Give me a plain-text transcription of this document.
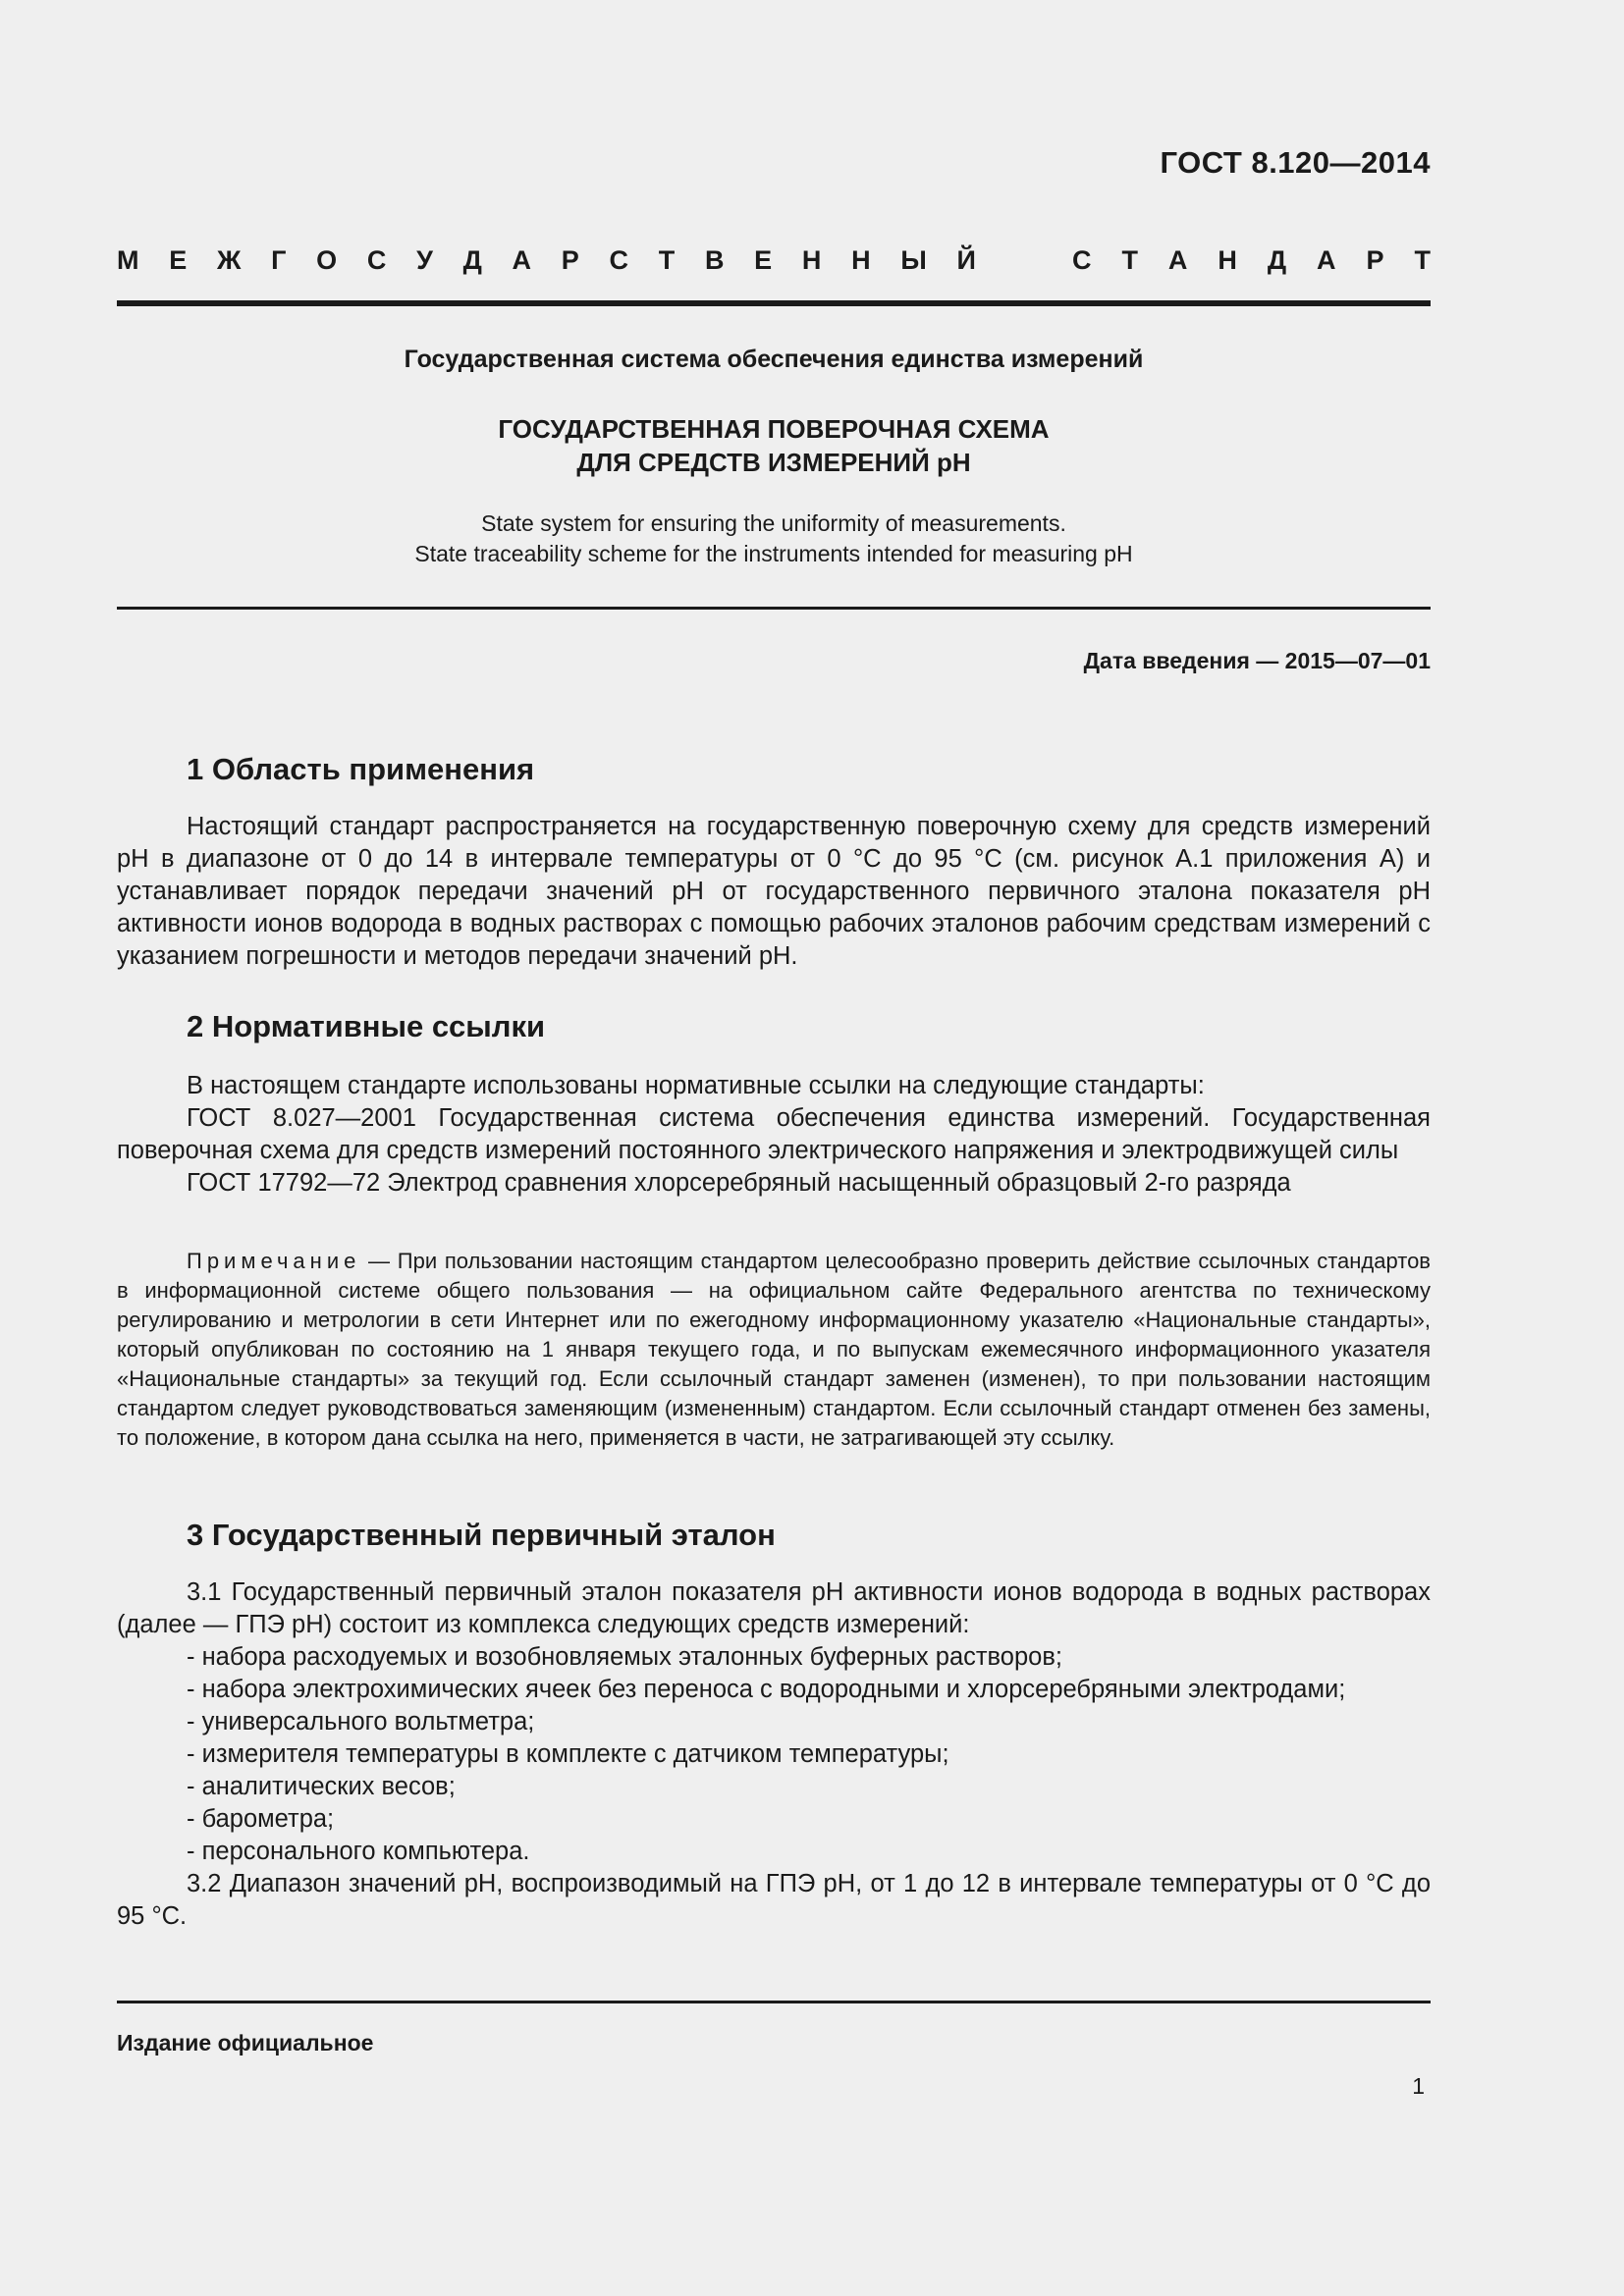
ГОСТ 8.120—2014
М Е Ж Г О С У Д А Р С Т В Е Н Н Ы Й	С Т А Н Д А Р Т
Государственная система обеспечения единства измерений
ГОСУДАРСТВЕННАЯ ПОВЕРОЧНАЯ СХЕМА
ДЛЯ СРЕДСТВ ИЗМЕРЕНИЙ pH
State system for ensuring the uniformity of measurements.
State traceability scheme for the instruments intended for measuring pH
Дата введения — 2015—07—01
1 Область применения

Настоящий стандарт распространяется на государственную поверочную схему для средств измерений pH в диапазоне от 0 до 14 в интервале температуры от 0 °С до 95 °С (см. рисунок А.1 приложения А) и устанавливает порядок передачи значений pH от государственного первичного эталона показателя pH активности ионов водорода в водных растворах с помощью рабочих эталонов рабочим средствам измерений с указанием погрешности и методов передачи значений pH.

2 Нормативные ссылки

В настоящем стандарте использованы нормативные ссылки на следующие стандарты:

ГОСТ 8.027—2001 Государственная система обеспечения единства измерений. Государственная поверочная схема для средств измерений постоянного электрического напряжения и электродвижущей силы

ГОСТ 17792—72 Электрод сравнения хлорсеребряный насыщенный образцовый 2-го разряда

Примечание — При пользовании настоящим стандартом целесообразно проверить действие ссылочных стандартов в информационной системе общего пользования — на официальном сайте Федерального агентства по техническому регулированию и метрологии в сети Интернет или по ежегодному информационному указателю «Национальные стандарты», который опубликован по состоянию на 1 января текущего года, и по выпускам ежемесячного информационного указателя «Национальные стандарты» за текущий год. Если ссылочный стандарт заменен (изменен), то при пользовании настоящим стандартом следует руководствоваться заменяющим (измененным) стандартом. Если ссылочный стандарт отменен без замены, то положение, в котором дана ссылка на него, применяется в части, не затрагивающей эту ссылку.

3 Государственный первичный эталон

3.1 Государственный первичный эталон показателя pH активности ионов водорода в водных растворах (далее — ГПЭ pH) состоит из комплекса следующих средств измерений:

- набора расходуемых и возобновляемых эталонных буферных растворов;

- набора электрохимических ячеек без переноса с водородными и хлорсеребряными электродами;

- универсального вольтметра;

- измерителя температуры в комплекте с датчиком температуры;

- аналитических весов;

- барометра;

- персонального компьютера.

3.2 Диапазон значений pH, воспроизводимый на ГПЭ pH, от 1 до 12 в интервале температуры от 0 °С до 95 °С.

Издание официальное
1
